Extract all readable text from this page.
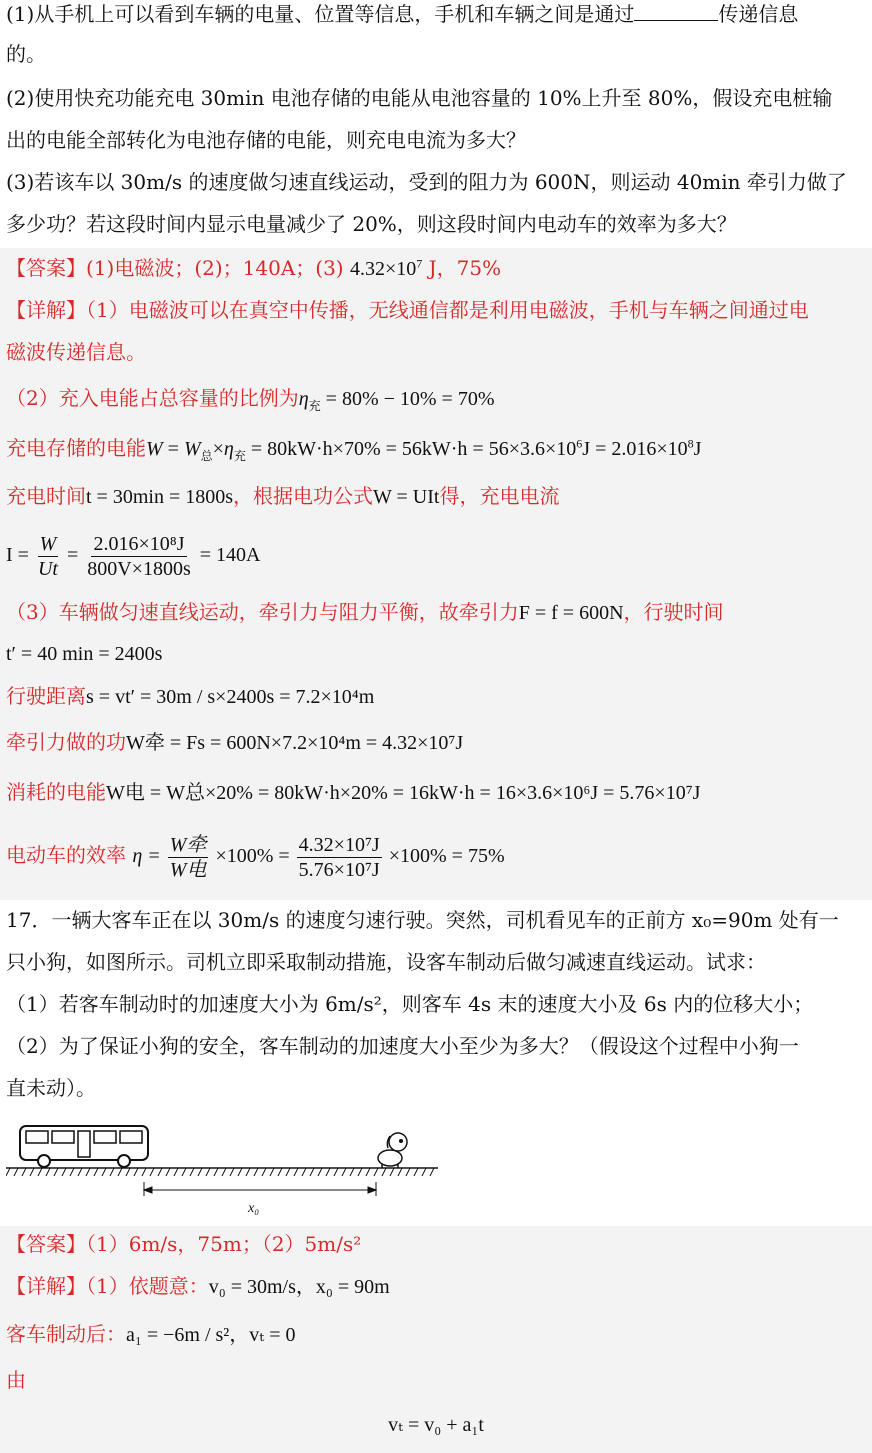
(1)从手机上可以看到车辆的电量、位置等信息，手机和车辆之间是通过	传递信息
的。
(2)使用快充功能充电 30min 电池存储的电能从电池容量的 10%上升至 80%，假设充电桩输
出的电能全部转化为电池存储的电能，则充电电流为多大？
(3)若该车以 30m/s 的速度做匀速直线运动，受到的阻力为 600N，则运动 40min 牵引力做了
多少功？若这段时间内显示电量减少了 20%，则这段时间内电动车的效率为多大？
【答案】(1)电磁波；(2)；140A；(3) $4.32\times 10^7$ J，75%
【详解】（1）电磁波可以在真空中传播，无线通信都是利用电磁波，手机与车辆之间通过电
磁波传递信息。
（2）充入电能占总容量的比例为$\eta_充 = 80\% - 10\% = 70\%$
充电存储的电能$W = W_总\times\eta_充 = 80kW\cdot h\times 70\% = 56kW\cdot h = 56\times 3.6\times 10^6J = 2.016\times 10^8J$
充电时间t = 30min = 1800s，根据电功公式W = UIt得，充电电流
$I = \frac{W}{Ut} = \frac{\text{2.016×10⁸J}}{800V\times 1800s} = 140A$
（3）车辆做匀速直线运动，牵引力与阻力平衡，故牵引力F = f = 600N，行驶时间
t′ = 40 min = 2400s
行驶距离s = vt′ = 30m / s×2400s = 7.2×10⁴m
牵引力做的功W牵 = Fs = 600N×7.2×10⁴m = 4.32×10⁷J
消耗的电能W电 = W总×20% = 80kW·h×20% = 16kW·h = 16×3.6×10⁶J = 5.76×10⁷J
电动车的效率 $\eta = \frac{\text{W牵}}{\text{W电}} \times 100\% = \frac{\text{4.32×10⁷J}}{\text{5.76×10⁷J}} \times 100\% = 75\%$
17．一辆大客车正在以 30m/s 的速度匀速行驶。突然，司机看见车的正前方 x₀=90m 处有一
只小狗，如图所示。司机立即采取制动措施，设客车制动后做匀减速直线运动。试求：
（1）若客车制动时的加速度大小为 6m/s²，则客车 4s 末的速度大小及 6s 内的位移大小；
（2）为了保证小狗的安全，客车制动的加速度大小至少为多大？（假设这个过程中小狗一
直未动）。
x₀
【答案】（1）6m/s，75m；（2）5m/s²
【详解】（1）依题意：v₀ = 30m/s，x₀ = 90m
客车制动后：a₁ = −6m / s²，vₜ = 0
由
vₜ = v₀ + a₁t
